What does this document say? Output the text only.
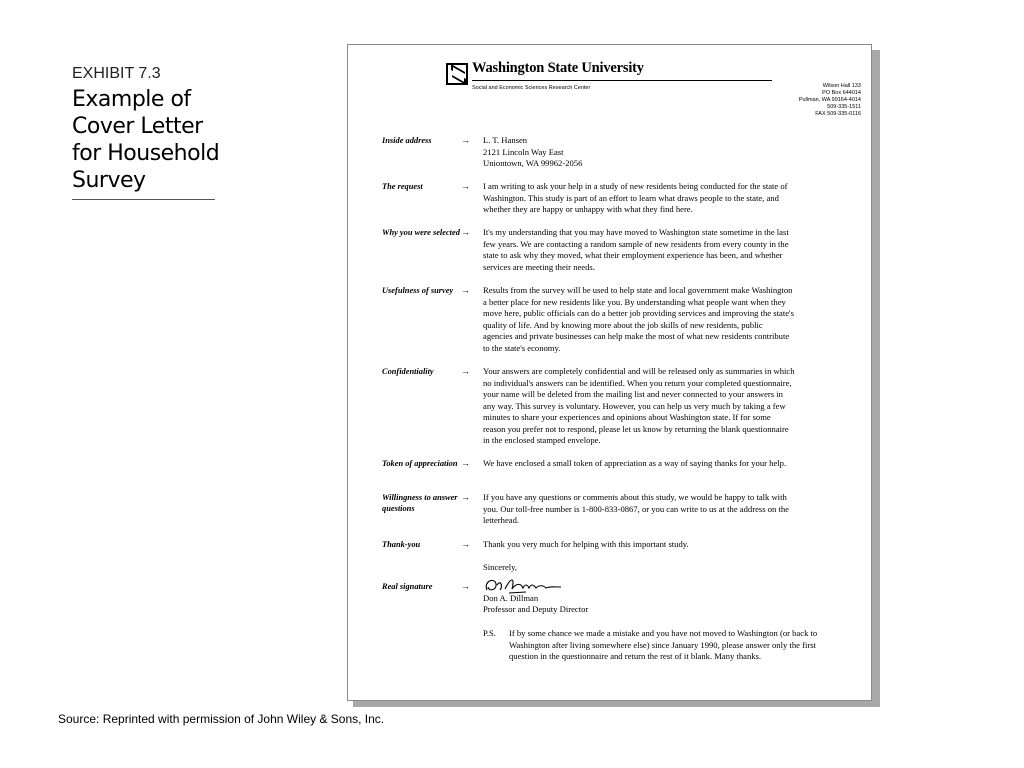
EXHIBIT 7.3
Example of
Cover Letter
for Household
Survey
Washington State University
Social and Economic Sciences Research Center	Wilson Hall 133
PO Box 644014
Pullman, WA 99164-4014
509-335-1511
FAX 509-335-0116
Inside address	→ L. T. Hansen
2121 Lincoln Way East
Uniontown, WA 99962-2056
The request	→ I am writing to ask your help in a study of new residents being conducted for the state of
Washington. This study is part of an effort to learn what draws people to the state, and
whether they are happy or unhappy with what they find here.
Why you were selected → It's my understanding that you may have moved to Washington state sometime in the last
few years. We are contacting a random sample of new residents from every county in the
state to ask why they moved, what their employment experience has been, and whether
services are meeting their needs.
Usefulness of survey → Results from the survey will be used to help state and local government make Washington
a better place for new residents like you. By understanding what people want when they
move here, public officials can do a better job providing services and improving the state's
quality of life. And by knowing more about the job skills of new residents, public
agencies and private businesses can help make the most of what new residents contribute
to the state's economy.
Confidentiality	→ Your answers are completely confidential and will be released only as summaries in which
no individual's answers can be identified. When you return your completed questionnaire,
your name will be deleted from the mailing list and never connected to your answers in
any way. This survey is voluntary. However, you can help us very much by taking a few
minutes to share your experiences and opinions about Washington state. If for some
reason you prefer not to respond, please let us know by returning the blank questionnaire
in the enclosed stamped envelope.
Token of appreciation → We have enclosed a small token of appreciation as a way of saying thanks for your help.
Willingness to answer questions
→ If you have any questions or comments about this study, we would be happy to talk with
you. Our toll-free number is 1-800-833-0867, or you can write to us at the address on the
letterhead.
Thank-you	→ Thank you very much for helping with this important study.
Sincerely,
Real signature	→
Don A. Dillman
Professor and Deputy Director
P.S. If by some chance we made a mistake and you have not moved to Washington (or back to Washington after living somewhere else) since January 1990, please answer only the first question in the questionnaire and return the rest of it blank. Many thanks.
Source: Reprinted with permission of John Wiley & Sons, Inc.
